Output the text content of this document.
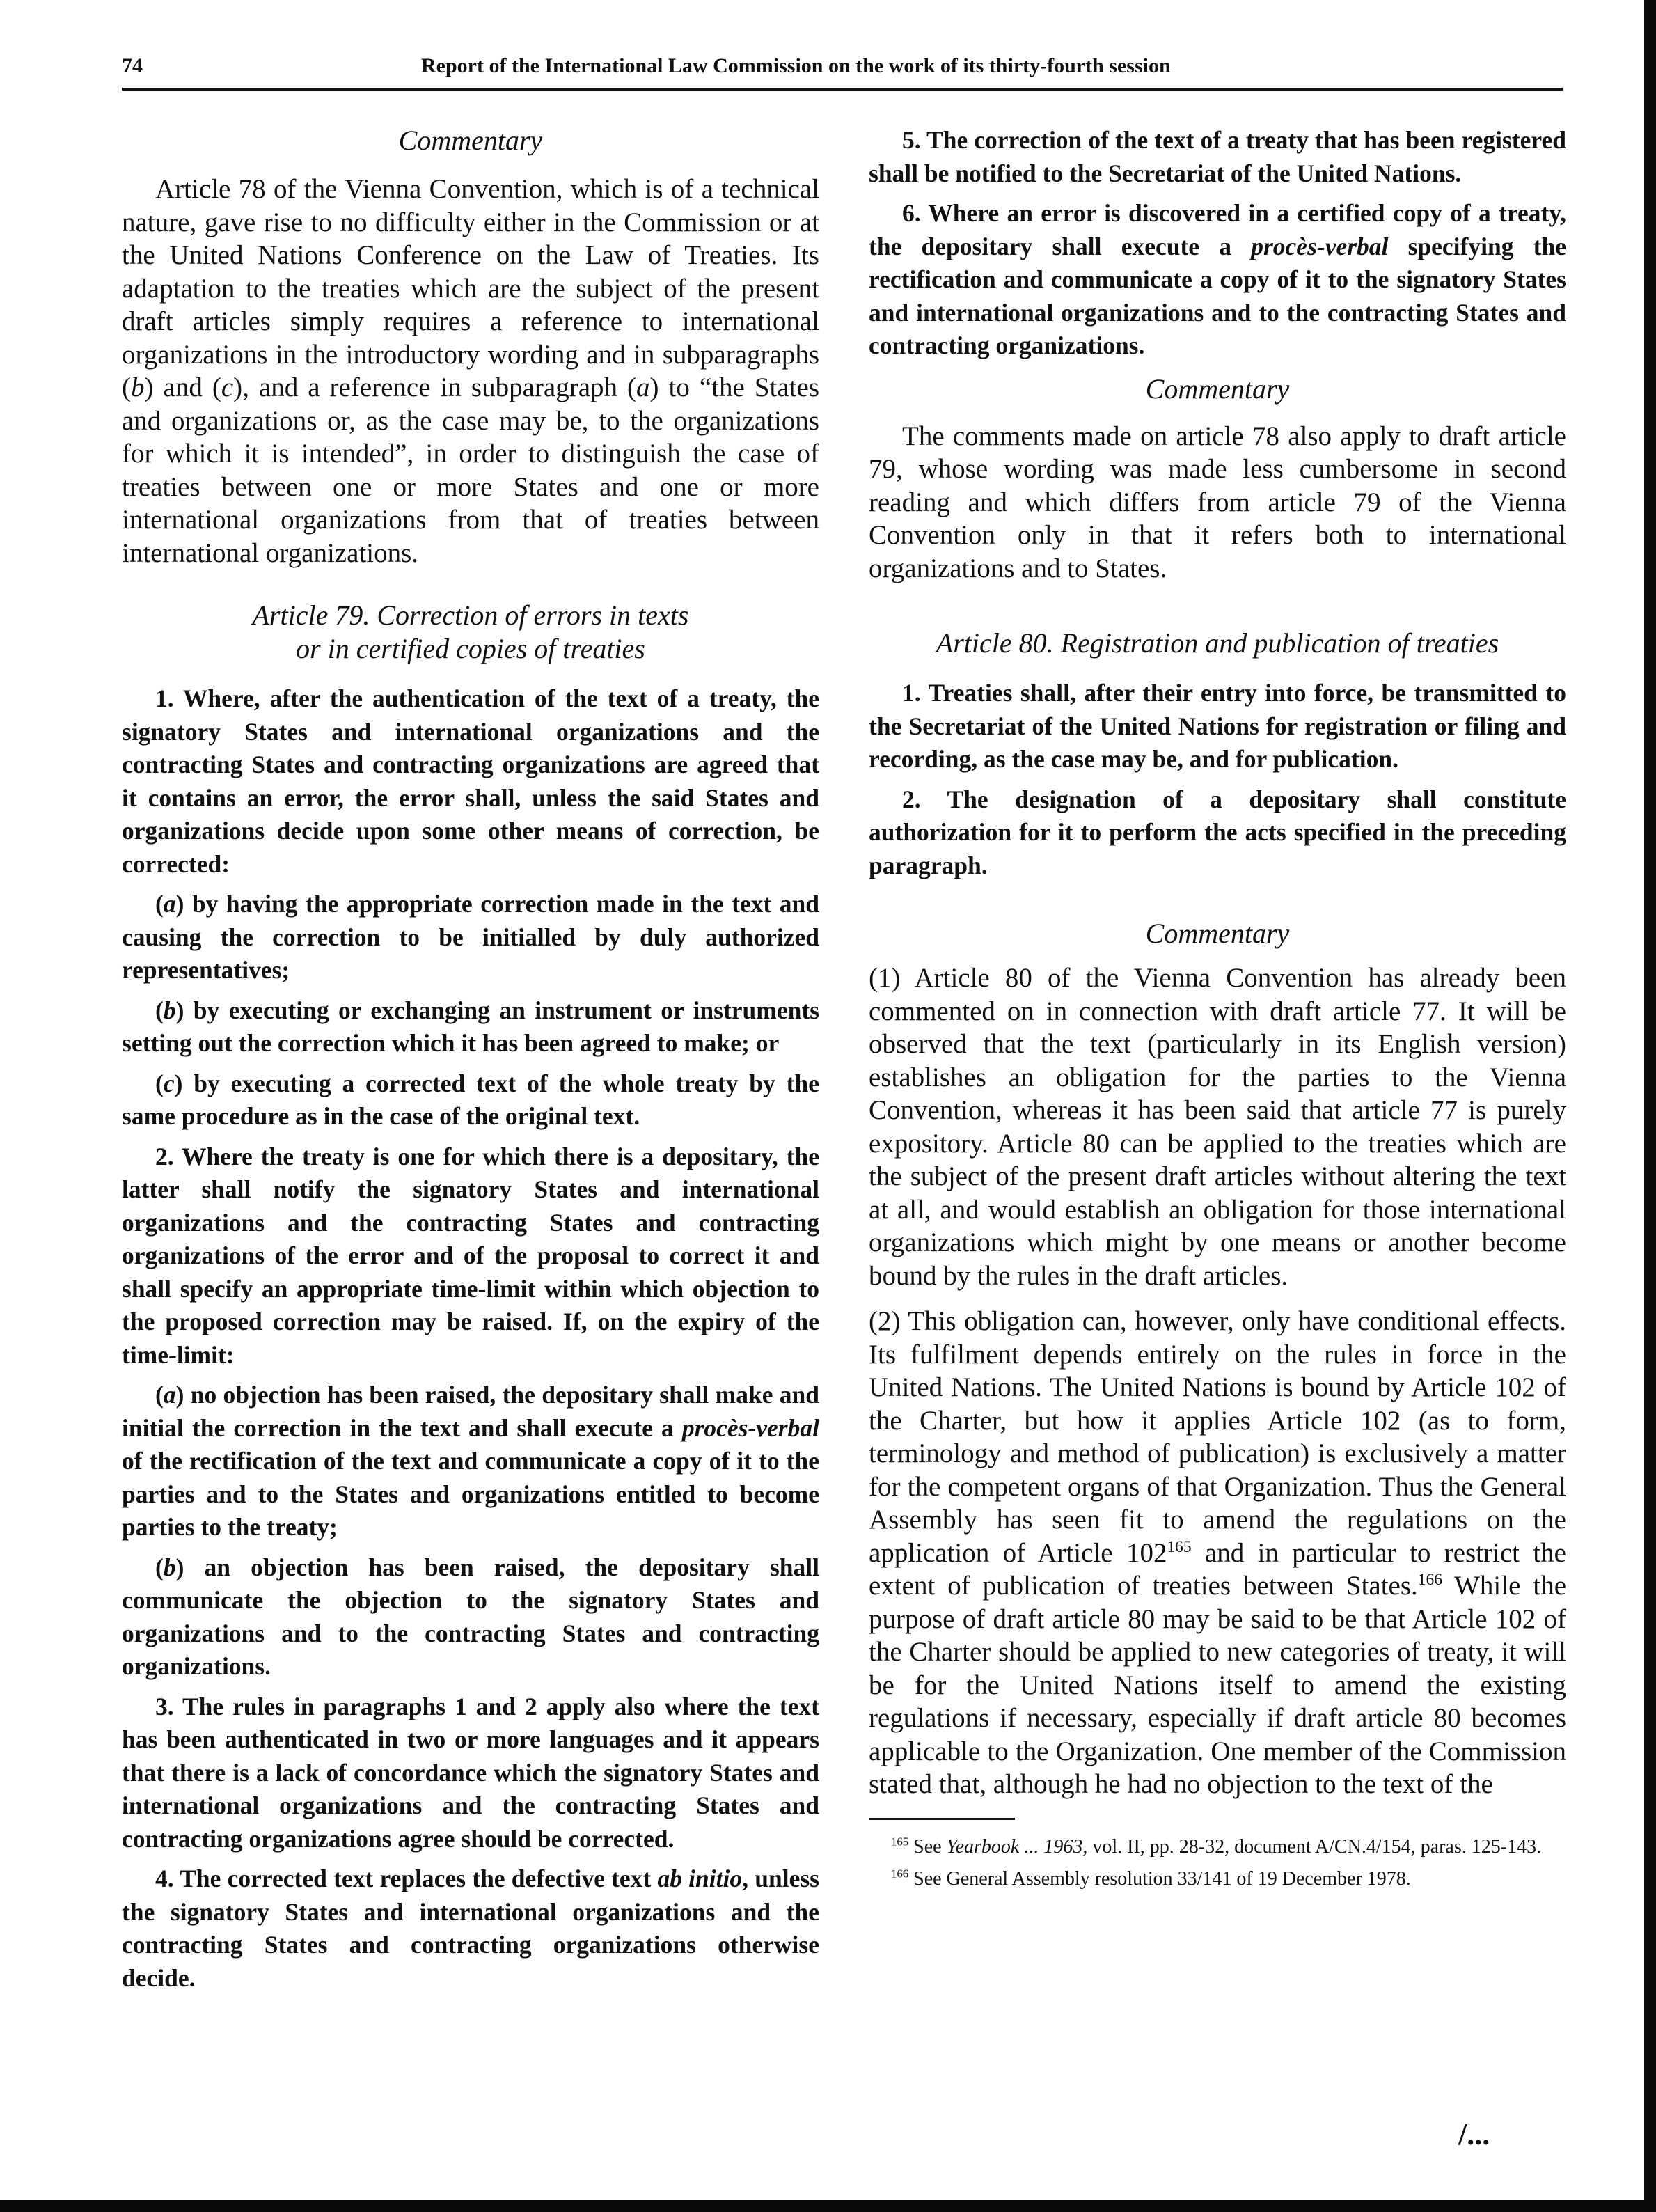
74	Report of the International Law Commission on the work of its thirty-fourth session

Commentary

Article 78 of the Vienna Convention, which is of a technical nature, gave rise to no difficulty either in the Commission or at the United Nations Conference on the Law of Treaties. Its adaptation to the treaties which are the subject of the present draft articles simply requires a reference to international organizations in the introductory wording and in subparagraphs (b) and (c), and a reference in subparagraph (a) to “the States and organizations or, as the case may be, to the organizations for which it is intended”, in order to distinguish the case of treaties between one or more States and one or more international organizations from that of treaties between international organizations.

Article 79. Correction of errors in texts

or in certified copies of treaties

1. Where, after the authentication of the text of a treaty, the signatory States and international organizations and the contracting States and contracting organizations are agreed that it contains an error, the error shall, unless the said States and organizations decide upon some other means of correction, be corrected:

(a) by having the appropriate correction made in the text and causing the correction to be initialled by duly authorized representatives;

(b) by executing or exchanging an instrument or instruments setting out the correction which it has been agreed to make; or

(c) by executing a corrected text of the whole treaty by the same procedure as in the case of the original text.

2. Where the treaty is one for which there is a depositary, the latter shall notify the signatory States and international organizations and the contracting States and contracting organizations of the error and of the proposal to correct it and shall specify an appropriate time-limit within which objection to the proposed correction may be raised. If, on the expiry of the time-limit:

(a) no objection has been raised, the depositary shall make and initial the correction in the text and shall execute a procès-verbal of the rectification of the text and communicate a copy of it to the parties and to the States and organizations entitled to become parties to the treaty;

(b) an objection has been raised, the depositary shall communicate the objection to the signatory States and organizations and to the contracting States and contracting organizations.

3. The rules in paragraphs 1 and 2 apply also where the text has been authenticated in two or more languages and it appears that there is a lack of concordance which the signatory States and international organizations and the contracting States and contracting organizations agree should be corrected.

4. The corrected text replaces the defective text ab initio, unless the signatory States and international organizations and the contracting States and contracting organizations otherwise decide.

5. The correction of the text of a treaty that has been registered shall be notified to the Secretariat of the United Nations.

6. Where an error is discovered in a certified copy of a treaty, the depositary shall execute a procès-verbal specifying the rectification and communicate a copy of it to the signatory States and international organizations and to the contracting States and contracting organizations.

Commentary

The comments made on article 78 also apply to draft article 79, whose wording was made less cumbersome in second reading and which differs from article 79 of the Vienna Convention only in that it refers both to international organizations and to States.

Article 80. Registration and publication of treaties

1. Treaties shall, after their entry into force, be transmitted to the Secretariat of the United Nations for registration or filing and recording, as the case may be, and for publication.

2. The designation of a depositary shall constitute authorization for it to perform the acts specified in the preceding paragraph.

Commentary

(1) Article 80 of the Vienna Convention has already been commented on in connection with draft article 77. It will be observed that the text (particularly in its English version) establishes an obligation for the parties to the Vienna Convention, whereas it has been said that article 77 is purely expository. Article 80 can be applied to the treaties which are the subject of the present draft articles without altering the text at all, and would establish an obligation for those international organizations which might by one means or another become bound by the rules in the draft articles.

(2) This obligation can, however, only have conditional effects. Its fulfilment depends entirely on the rules in force in the United Nations. The United Nations is bound by Article 102 of the Charter, but how it applies Article 102 (as to form, terminology and method of publication) is exclusively a matter for the competent organs of that Organization. Thus the General Assembly has seen fit to amend the regulations on the application of Article $102^{165}$ and in particular to restrict the extent of publication of treaties between States.$^{166}$ While the purpose of draft article 80 may be said to be that Article 102 of the Charter should be applied to new categories of treaty, it will be for the United Nations itself to amend the existing regulations if necessary, especially if draft article 80 becomes applicable to the Organization. One member of the Commission stated that, although he had no objection to the text of the

$^{165}$ See Yearbook ... 1963, vol. II, pp. 28-32, document A/CN.4/154, paras. 125-143.

$^{166}$ See General Assembly resolution 33/141 of 19 December 1978.

/...
